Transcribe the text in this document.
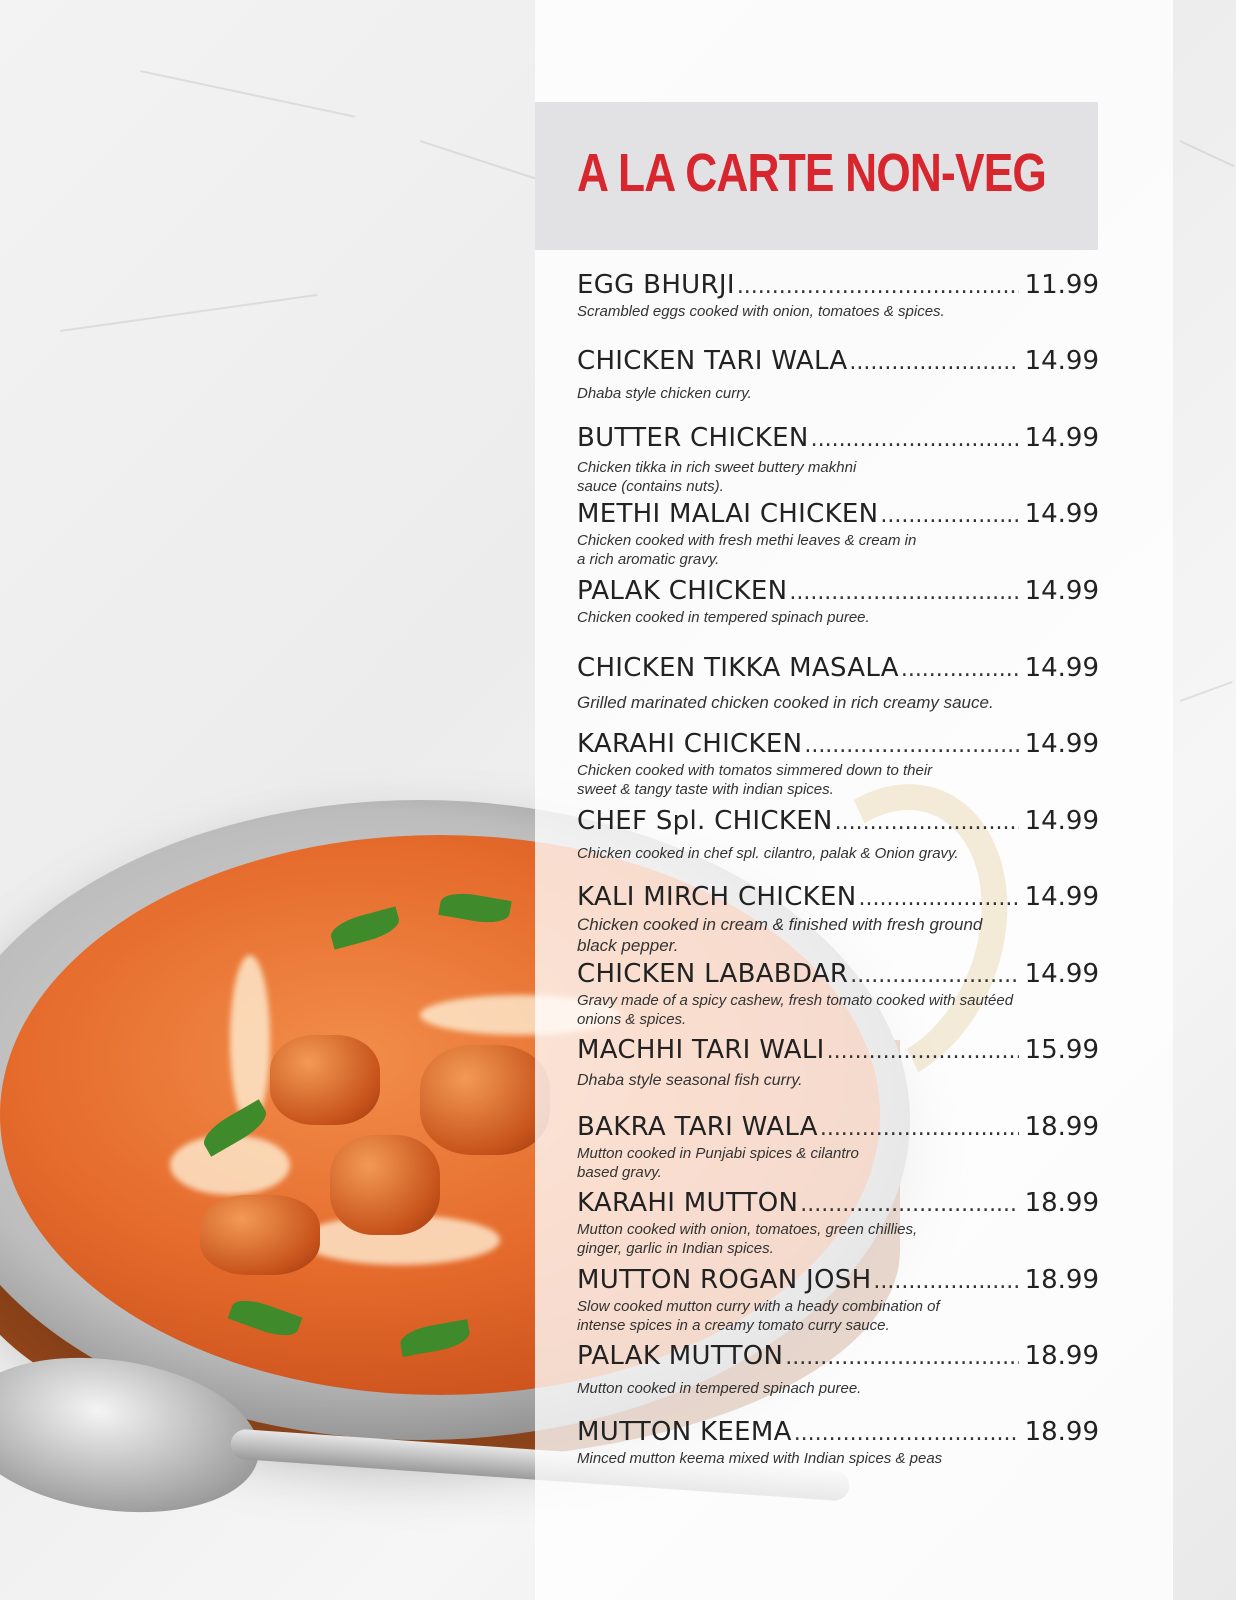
A LA CARTE NON-VEG
EGG BHURJI .....	11.99
Scrambled eggs cooked with onion, tomatoes & spices.
CHICKEN TARI WALA .....	14.99
Dhaba style chicken curry.
BUTTER CHICKEN .....	14.99
Chicken tikka in rich sweet buttery makhni sauce (contains nuts).
METHI MALAI CHICKEN .....	14.99
Chicken cooked with fresh methi leaves & cream in a rich aromatic gravy.
PALAK CHICKEN .....	14.99
Chicken cooked in tempered spinach puree.
CHICKEN TIKKA MASALA .....	14.99
Grilled marinated chicken cooked in rich creamy sauce.
KARAHI CHICKEN .....	14.99
Chicken cooked with tomatos simmered down to their sweet & tangy taste with indian spices.
CHEF Spl. CHICKEN .....	14.99
Chicken cooked in chef spl. cilantro, palak & Onion gravy.
KALI MIRCH CHICKEN .....	14.99
Chicken cooked in cream & finished with fresh ground black pepper.
CHICKEN LABABDAR .....	14.99
Gravy made of a spicy cashew, fresh tomato cooked with sautéed onions & spices.
MACHHI TARI WALI .....	15.99
Dhaba style seasonal fish curry.
BAKRA TARI WALA .....	18.99
Mutton cooked in Punjabi spices & cilantro based gravy.
KARAHI MUTTON .....	18.99
Mutton cooked with onion, tomatoes, green chillies, ginger, garlic in Indian spices.
MUTTON ROGAN JOSH .....	18.99
Slow cooked mutton curry with a heady combination of intense spices in a creamy tomato curry sauce.
PALAK MUTTON .....	18.99
Mutton cooked in tempered spinach puree.
MUTTON KEEMA .....	18.99
Minced mutton keema mixed with Indian spices & peas
